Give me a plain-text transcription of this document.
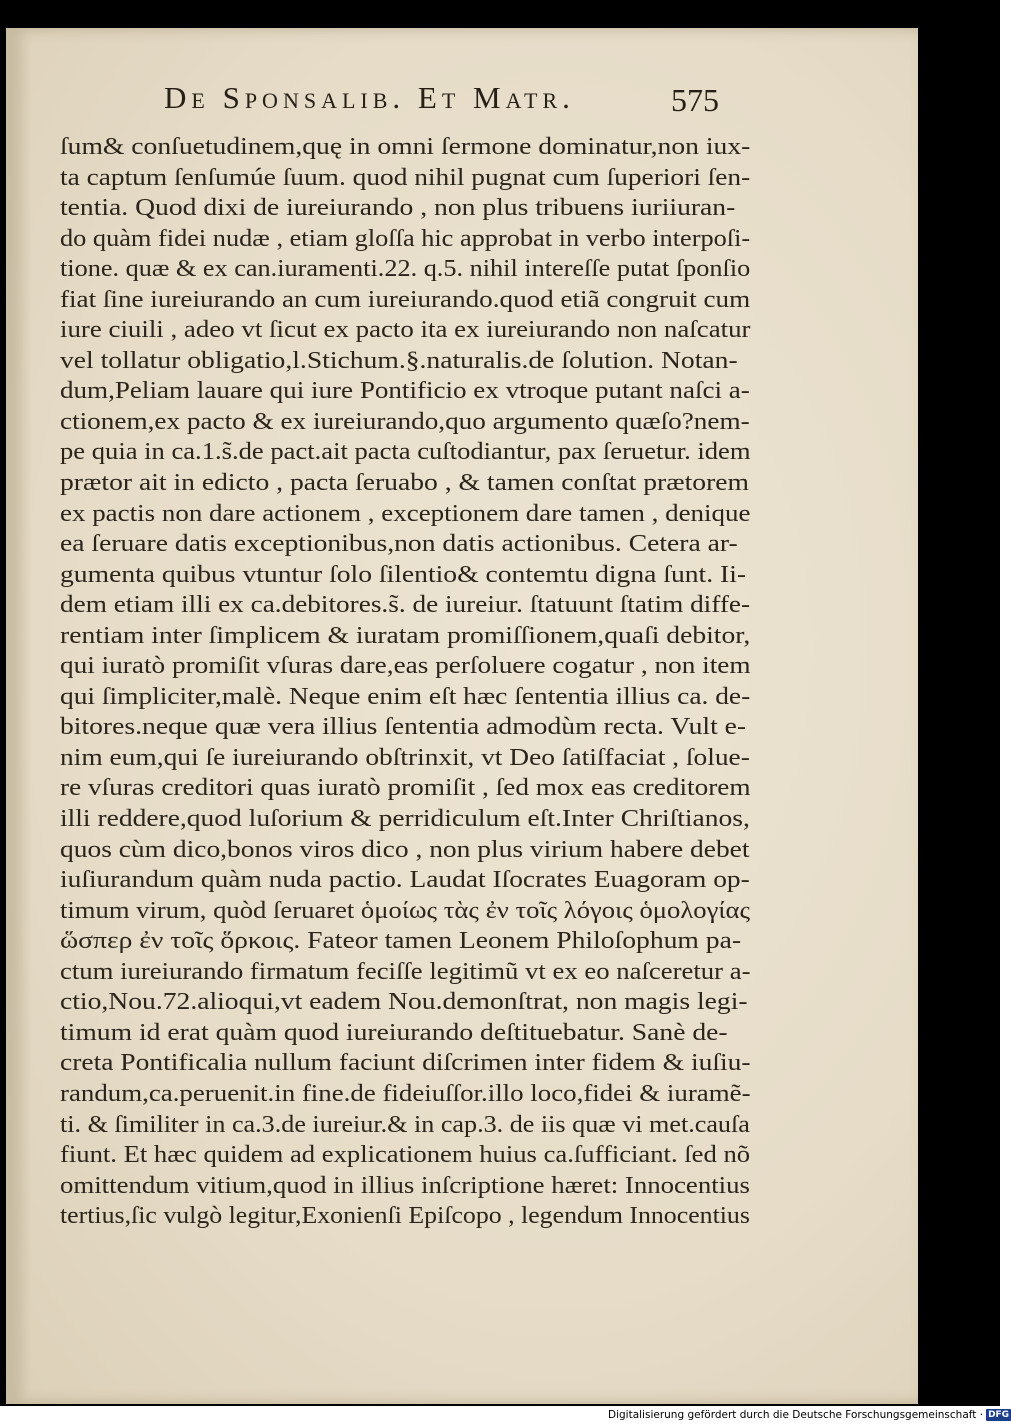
De Sponsalib. Et Matr.	575
ſum& conſuetudinem,quę in omni ſermone dominatur,non iux-
ta captum ſenſumúe ſuum. quod nihil pugnat cum ſuperiori ſen-
tentia. Quod dixi de iureiurando , non plus tribuens iuriiuran-
do quàm fidei nudæ , etiam gloſſa hic approbat in verbo interpoſi-
tione. quæ & ex can.iuramenti.22. q.5. nihil intereſſe putat ſponſio
fiat ſine iureiurando an cum iureiurando.quod etiã congruit cum
iure ciuili , adeo vt ſicut ex pacto ita ex iureiurando non naſcatur
vel tollatur obligatio,l.Stichum.§.naturalis.de ſolution. Notan-
dum,Peliam lauare qui iure Pontificio ex vtroque putant naſci a-
ctionem,ex pacto & ex iureiurando,quo argumento quæſo?nem-
pe quia in ca.1.s̃.de pact.ait pacta cuſtodiantur, pax ſeruetur. idem
prætor ait in edicto , pacta ſeruabo , & tamen conſtat prætorem
ex pactis non dare actionem , exceptionem dare tamen , denique
ea ſeruare datis exceptionibus,non datis actionibus. Cetera ar-
gumenta quibus vtuntur ſolo ſilentio& contemtu digna ſunt. Ii-
dem etiam illi ex ca.debitores.s̃. de iureiur. ſtatuunt ſtatim diffe-
rentiam inter ſimplicem & iuratam promiſſionem,quaſi debitor,
qui iuratò promiſit vſuras dare,eas perſoluere cogatur , non item
qui ſimpliciter,malè. Neque enim eſt hæc ſententia illius ca. de-
bitores.neque quæ vera illius ſententia admodùm recta. Vult e-
nim eum,qui ſe iureiurando obſtrinxit, vt Deo ſatiſfaciat , ſolue-
re vſuras creditori quas iuratò promiſit , ſed mox eas creditorem
illi reddere,quod luſorium & perridiculum eſt.Inter Chriſtianos,
quos cùm dico,bonos viros dico , non plus virium habere debet
iuſiurandum quàm nuda pactio. Laudat Iſocrates Euagoram op-
timum virum, quòd ſeruaret ὁμοίως τὰς ἐν τοῖς λόγοις ὁμολογίας
ὥσπερ ἐν τοῖς ὅρκοις. Fateor tamen Leonem Philoſophum pa-
ctum iureiurando firmatum feciſſe legitimũ vt ex eo naſceretur a-
ctio,Nou.72.alioqui,vt eadem Nou.demonſtrat, non magis legi-
timum id erat quàm quod iureiurando deſtituebatur. Sanè de-
creta Pontificalia nullum faciunt diſcrimen inter fidem & iuſiu-
randum,ca.peruenit.in fine.de fideiuſſor.illo loco,fidei & iuramẽ-
ti. & ſimiliter in ca.3.de iureiur.& in cap.3. de iis quæ vi met.cauſa
fiunt. Et hæc quidem ad explicationem huius ca.ſufficiant. ſed nõ
omittendum vitium,quod in illius inſcriptione hæret: Innocentius
tertius,ſic vulgò legitur,Exonienſi Epiſcopo , legendum Innocentius
Digitalisierung gefördert durch die Deutsche Forschungsgemeinschaft · DFG
